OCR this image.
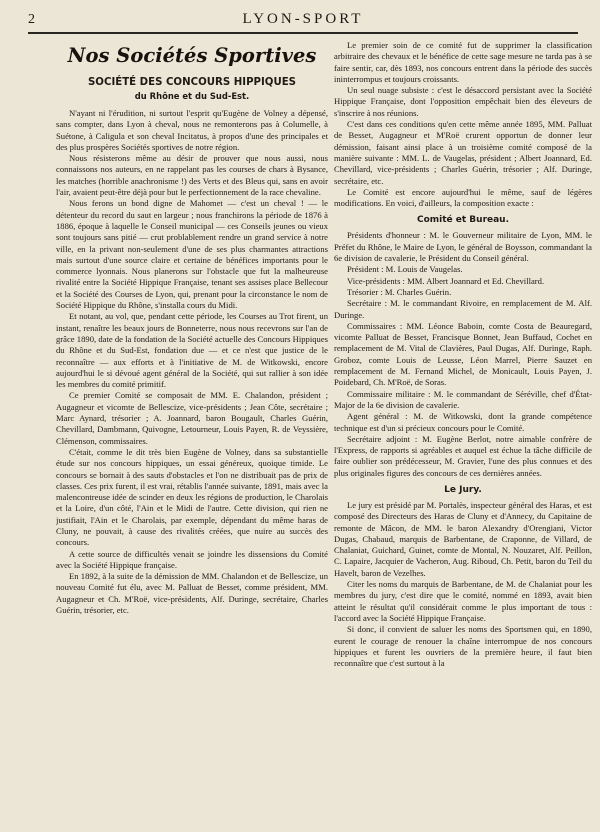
2	LYON-SPORT
Nos Sociétés Sportives
SOCIÉTÉ DES CONCOURS HIPPIQUES
du Rhône et du Sud-Est.

N'ayant ni l'érudition, ni surtout l'esprit qu'Eugène de Volney a dépensé, sans compter, dans Lyon à cheval, nous ne remonterons pas à Columelle, à Suétone, à Caligula et son cheval Incitatus, à propos d'une des principales et des plus prospères Sociétés sportives de notre région.

Nous résisterons même au désir de prouver que nous aussi, nous connaissons nos auteurs, en ne rappelant pas les courses de chars à Bysance, les matches (horrible anachronisme !) des Verts et des Bleus qui, sans en avoir l'air, avaient peut-être déjà pour but le perfectionnement de la race chevaline.

Nous ferons un bond digne de Mahomet — c'est un cheval ! — le détenteur du record du saut en largeur ; nous franchirons la période de 1876 à 1886, époque à laquelle le Conseil municipal — ces Conseils jeunes ou vieux sont toujours sans pitié — crut problablement rendre un grand service à notre ville, en la privant non-seulement d'une de ses plus charmantes attractions mais surtout d'une source claire et certaine de bénéfices importants pour le commerce lyonnais. Nous planerons sur l'obstacle que fut la malheureuse rivalité entre la Société Hippique Française, tenant ses assises place Bellecour et la Société des Courses de Lyon, qui, prenant pour la circonstance le nom de Société Hippique du Rhône, s'installa cours du Midi.

Et notant, au vol, que, pendant cette période, les Courses au Trot firent, un instant, renaître les beaux jours de Bonneterre, nous nous recevrons sur l'an de grâce 1890, date de la fondation de la Société actuelle des Concours Hippiques du Rhône et du Sud-Est, fondation due — et ce n'est que justice de le reconnaître — aux efforts et à l'initiative de M. de Witkowski, encore aujourd'hui le si dévoué agent général de la Société, qui sut rallier à son idée les membres du comité primitif.

Ce premier Comité se composait de MM. E. Chalandon, président ; Augagneur et vicomte de Bellescize, vice-présidents ; Jean Côte, secrétaire ; Marc Aynard, trésorier ; A. Joannard, baron Bougault, Charles Guérin, Chevillard, Dambmann, Quivogne, Letourneur, Louis Payen, R. de Veyssière, Clémenson, commissaires.

C'était, comme le dit très bien Eugène de Volney, dans sa substantielle étude sur nos concours hippiques, un essai généreux, quoique timide. Le concours se bornait à des sauts d'obstacles et l'on ne distribuait pas de prix de classes. Ces prix furent, il est vrai, rétablis l'année suivante, 1891, mais avec la malencontreuse idée de scinder en deux les régions de production, le Charolais et la Loire, d'un côté, l'Ain et le Midi de l'autre. Cette division, qui rien ne justifiait, l'Ain et le Charolais, par exemple, dépendant du même haras de Cluny, ne pouvait, à cause des rivalités créées, que nuire au succès des concours.

A cette source de difficultés venait se joindre les dissensions du Comité avec la Société Hippique française.

En 1892, à la suite de la démission de MM. Chalandon et de Bellescize, un nouveau Comité fut élu, avec M. Palluat de Besset, comme président, MM. Augagneur et Ch. M'Roë, vice-présidents, Alf. Duringe, secrétaire, Charles Guérin, trésorier, etc.

Le premier soin de ce comité fut de supprimer la classification arbitraire des chevaux et le bénéfice de cette sage mesure ne tarda pas à se faire sentir, car, dès 1893, nos concours entrent dans la période des succès ininterrompus et toujours croissants.

Un seul nuage subsiste : c'est le désaccord persistant avec la Société Hippique Française, dont l'opposition empêchait bien des éleveurs de s'inscrire à nos réunions.

C'est dans ces conditions qu'en cette même année 1895, MM. Palluat de Besset, Augagneur et M'Roë crurent opportun de donner leur démission, faisant ainsi place à un troisième comité composé de la manière suivante : MM. L. de Vaugelas, président ; Albert Joannard, Ed. Chevillard, vice-présidents ; Charles Guérin, trésorier ; Alf. Duringe, secrétaire, etc.

Le Comité est encore aujourd'hui le même, sauf de légères modifications. En voici, d'ailleurs, la composition exacte :

Comité et Bureau.

Présidents d'honneur : M. le Gouverneur militaire de Lyon, MM. le Préfet du Rhône, le Maire de Lyon, le général de Boysson, commandant la 6e division de cavalerie, le Président du Conseil général.

Président : M. Louis de Vaugelas.

Vice-présidents : MM. Albert Joannard et Ed. Chevillard.

Trésorier : M. Charles Guérin.

Secrétaire : M. le commandant Rivoire, en remplacement de M. Alf. Duringe.

Commissaires : MM. Léonce Baboin, comte Costa de Beauregard, vicomte Palluat de Besset, Francisque Bonnet, Jean Buffaud, Cochet en remplacement de M. Vital de Clavières, Paul Dugas, Alf. Duringe, Raph. Groboz, comte Louis de Leusse, Léon Marrel, Pierre Sauzet en remplacement de M. Fernand Michel, de Monicault, Louis Payen, J. Poidebard, Ch. M'Roë, de Soras.

Commissaire militaire : M. le commandant de Séréville, chef d'État-Major de la 6e division de cavalerie.

Agent général : M. de Witkowski, dont la grande compétence technique est d'un si précieux concours pour le Comité.

Secrétaire adjoint : M. Eugène Berlot, notre aimable confrère de l'Express, de rapports si agréables et auquel est échue la tâche difficile de faire oublier son prédécesseur, M. Gravier, l'une des plus connues et des plus originales figures des concours de ces dernières années.

Le Jury.

Le jury est présidé par M. Portalès, inspecteur général des Haras, et est composé des Directeurs des Haras de Cluny et d'Annecy, du Capitaine de remonte de Mâcon, de MM. le baron Alexandry d'Orengiani, Victor Dugas, Chabaud, marquis de Barbentane, de Craponne, de Villard, de Chalaniat, Guichard, Guinet, comte de Montal, N. Nouzaret, Alf. Peillon, C. Lapaire, Jacquier de Vacheron, Aug. Riboud, Ch. Petit, baron du Teil du Havelt, baron de Vezelhes.

Citer les noms du marquis de Barbentane, de M. de Chalaniat pour les membres du jury, c'est dire que le comité, nommé en 1893, avait bien atteint le résultat qu'il considérait comme le plus important de tous : l'accord avec la Société Hippique Française.

Si donc, il convient de saluer les noms des Sportsmen qui, en 1890, eurent le courage de renouer la chaîne interrompue de nos concours hippiques et furent les ouvriers de la première heure, il faut bien reconnaître que c'est surtout à la
